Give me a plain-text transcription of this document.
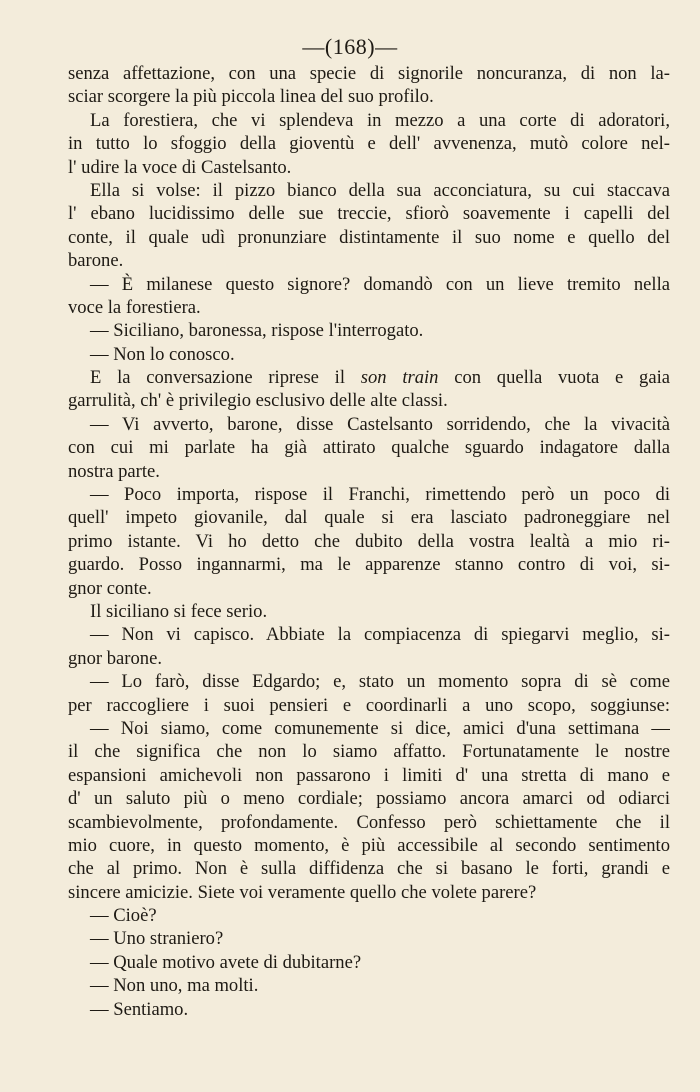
—(168)—
senza affettazione, con una specie di signorile noncuranza, di non la-
sciar scorgere la più piccola linea del suo profilo.
La forestiera, che vi splendeva in mezzo a una corte di adoratori,
in tutto lo sfoggio della gioventù e dell' avvenenza, mutò colore nel-
l' udire la voce di Castelsanto.
Ella si volse: il pizzo bianco della sua acconciatura, su cui staccava
l' ebano lucidissimo delle sue treccie, sfiorò soavemente i capelli del
conte, il quale udì pronunziare distintamente il suo nome e quello del
barone.
— È milanese questo signore? domandò con un lieve tremito nella
voce la forestiera.
— Siciliano, baronessa, rispose l'interrogato.
— Non lo conosco.
E la conversazione riprese il son train con quella vuota e gaia
garrulità, ch' è privilegio esclusivo delle alte classi.
— Vi avverto, barone, disse Castelsanto sorridendo, che la vivacità
con cui mi parlate ha già attirato qualche sguardo indagatore dalla
nostra parte.
— Poco importa, rispose il Franchi, rimettendo però un poco di
quell' impeto giovanile, dal quale si era lasciato padroneggiare nel
primo istante. Vi ho detto che dubito della vostra lealtà a mio ri-
guardo. Posso ingannarmi, ma le apparenze stanno contro di voi, si-
gnor conte.
Il siciliano si fece serio.
— Non vi capisco. Abbiate la compiacenza di spiegarvi meglio, si-
gnor barone.
— Lo farò, disse Edgardo; e, stato un momento sopra di sè come
per raccogliere i suoi pensieri e coordinarli a uno scopo, soggiunse:
— Noi siamo, come comunemente si dice, amici d'una settimana —
il che significa che non lo siamo affatto. Fortunatamente le nostre
espansioni amichevoli non passarono i limiti d' una stretta di mano e
d' un saluto più o meno cordiale; possiamo ancora amarci od odiarci
scambievolmente, profondamente. Confesso però schiettamente che il
mio cuore, in questo momento, è più accessibile al secondo sentimento
che al primo. Non è sulla diffidenza che si basano le forti, grandi e
sincere amicizie. Siete voi veramente quello che volete parere?
— Cioè?
— Uno straniero?
— Quale motivo avete di dubitarne?
— Non uno, ma molti.
— Sentiamo.
